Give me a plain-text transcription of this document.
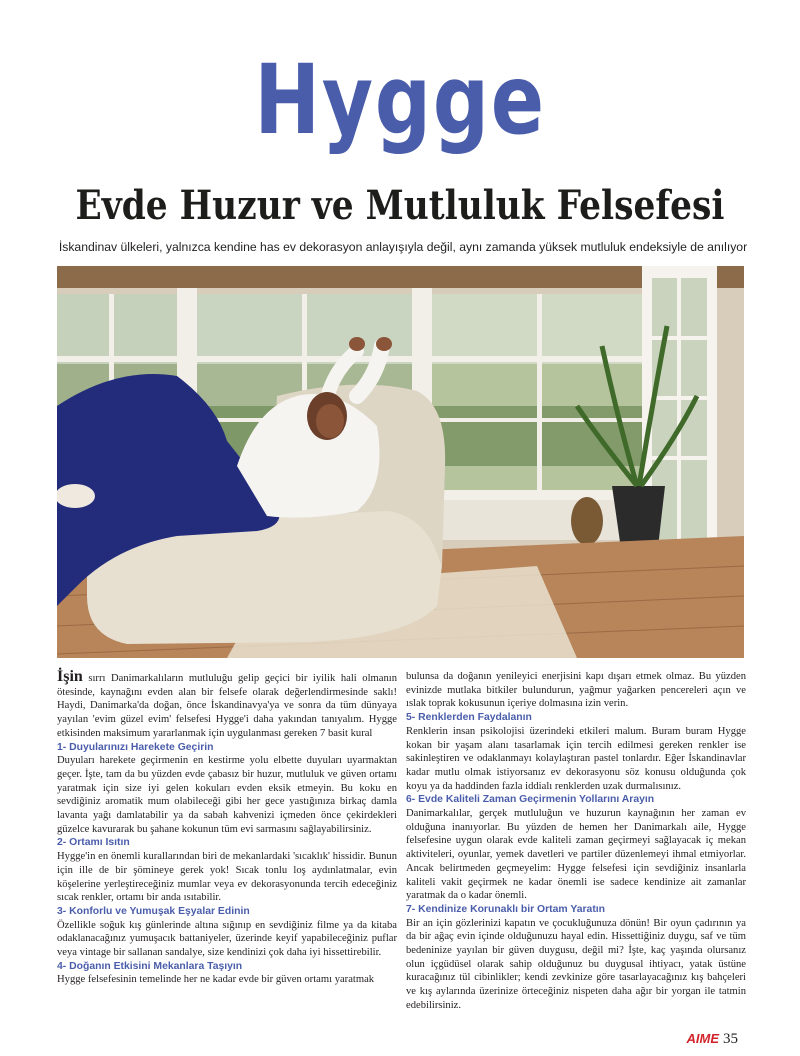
Hygge
Evde Huzur ve Mutluluk Felsefesi
İskandinav ülkeleri, yalnızca kendine has ev dekorasyon anlayışıyla değil, aynı zamanda yüksek mutluluk endeksiyle de anılıyor

İşin sırrı Danimarkalıların mutluluğu gelip geçici bir iyilik hali olmanın ötesinde, kaynağını evden alan bir felsefe olarak değerlendirmesinde saklı! Haydi, Danimarka'da doğan, önce İskandinavya'ya ve sonra da tüm dünyaya yayılan 'evim güzel evim' felsefesi Hygge'i daha yakından tanıyalım. Hygge etkisinden maksimum yararlanmak için uygulanması gereken 7 basit kural

1- Duyularınızı Harekete Geçirin

Duyuları harekete geçirmenin en kestirme yolu elbette duyuları uyarmaktan geçer. İşte, tam da bu yüzden evde çabasız bir huzur, mutluluk ve güven ortamı yaratmak için size iyi gelen kokuları evden eksik etmeyin. Bu koku en sevdiğiniz aromatik mum olabileceği gibi her gece yastığınıza birkaç damla lavanta yağı damlatabilir ya da sabah kahvenizi içmeden önce çekirdekleri güzelce kavurarak bu şahane kokunun tüm evi sarmasını sağlayabilirsiniz.

2- Ortamı Isıtın

Hygge'in en önemli kurallarından biri de mekanlardaki 'sıcaklık' hissidir. Bunun için ille de bir şömineye gerek yok! Sıcak tonlu loş aydınlatmalar, evin köşelerine yerleştireceğiniz mumlar veya ev dekorasyonunda tercih edeceğiniz sıcak renkler, ortamı bir anda ısıtabilir.

3- Konforlu ve Yumuşak Eşyalar Edinin

Özellikle soğuk kış günlerinde altına sığınıp en sevdiğiniz filme ya da kitaba odaklanacağınız yumuşacık battaniyeler, üzerinde keyif yapabileceğiniz puflar veya vintage bir sallanan sandalye, size kendinizi çok daha iyi hissettirebilir.

4- Doğanın Etkisini Mekanlara Taşıyın

Hygge felsefesinin temelinde her ne kadar evde bir güven ortamı yaratmak

bulunsa da doğanın yenileyici enerjisini kapı dışarı etmek olmaz. Bu yüzden evinizde mutlaka bitkiler bulundurun, yağmur yağarken pencereleri açın ve ıslak toprak kokusunun içeriye dolmasına izin verin.

5- Renklerden Faydalanın

Renklerin insan psikolojisi üzerindeki etkileri malum. Buram buram Hygge kokan bir yaşam alanı tasarlamak için tercih edilmesi gereken renkler ise sakinleştiren ve odaklanmayı kolaylaştıran pastel tonlardır. Eğer İskandinavlar kadar mutlu olmak istiyorsanız ev dekorasyonu söz konusu olduğunda çok koyu ya da haddinden fazla iddialı renklerden uzak durmalısınız.

6- Evde Kaliteli Zaman Geçirmenin Yollarını Arayın

Danimarkalılar, gerçek mutluluğun ve huzurun kaynağının her zaman ev olduğuna inanıyorlar. Bu yüzden de hemen her Danimarkalı aile, Hygge felsefesine uygun olarak evde kaliteli zaman geçirmeyi sağlayacak iç mekan aktiviteleri, oyunlar, yemek davetleri ve partiler düzenlemeyi ihmal etmiyorlar. Ancak belirtmeden geçmeyelim: Hygge felsefesi için sevdiğiniz insanlarla kaliteli vakit geçirmek ne kadar önemli ise sadece kendinize ait zamanlar yaratmak da o kadar önemli.

7- Kendinize Korunaklı bir Ortam Yaratın

Bir an için gözlerinizi kapatın ve çocukluğunuza dönün! Bir oyun çadırının ya da bir ağaç evin içinde olduğunuzu hayal edin. Hissettiğiniz duygu, saf ve tüm bedeninize yayılan bir güven duygusu, değil mi? İşte, kaç yaşında olursanız olun içgüdüsel olarak sahip olduğunuz bu duygusal ihtiyacı, yatak üstüne kuracağınız tül cibinlikler; kendi zevkinize göre tasarlayacağınız kış bahçeleri ve kış aylarında üzerinize örteceğiniz nispeten daha ağır bir yorgan ile tatmin edebilirsiniz.

AIME 35
